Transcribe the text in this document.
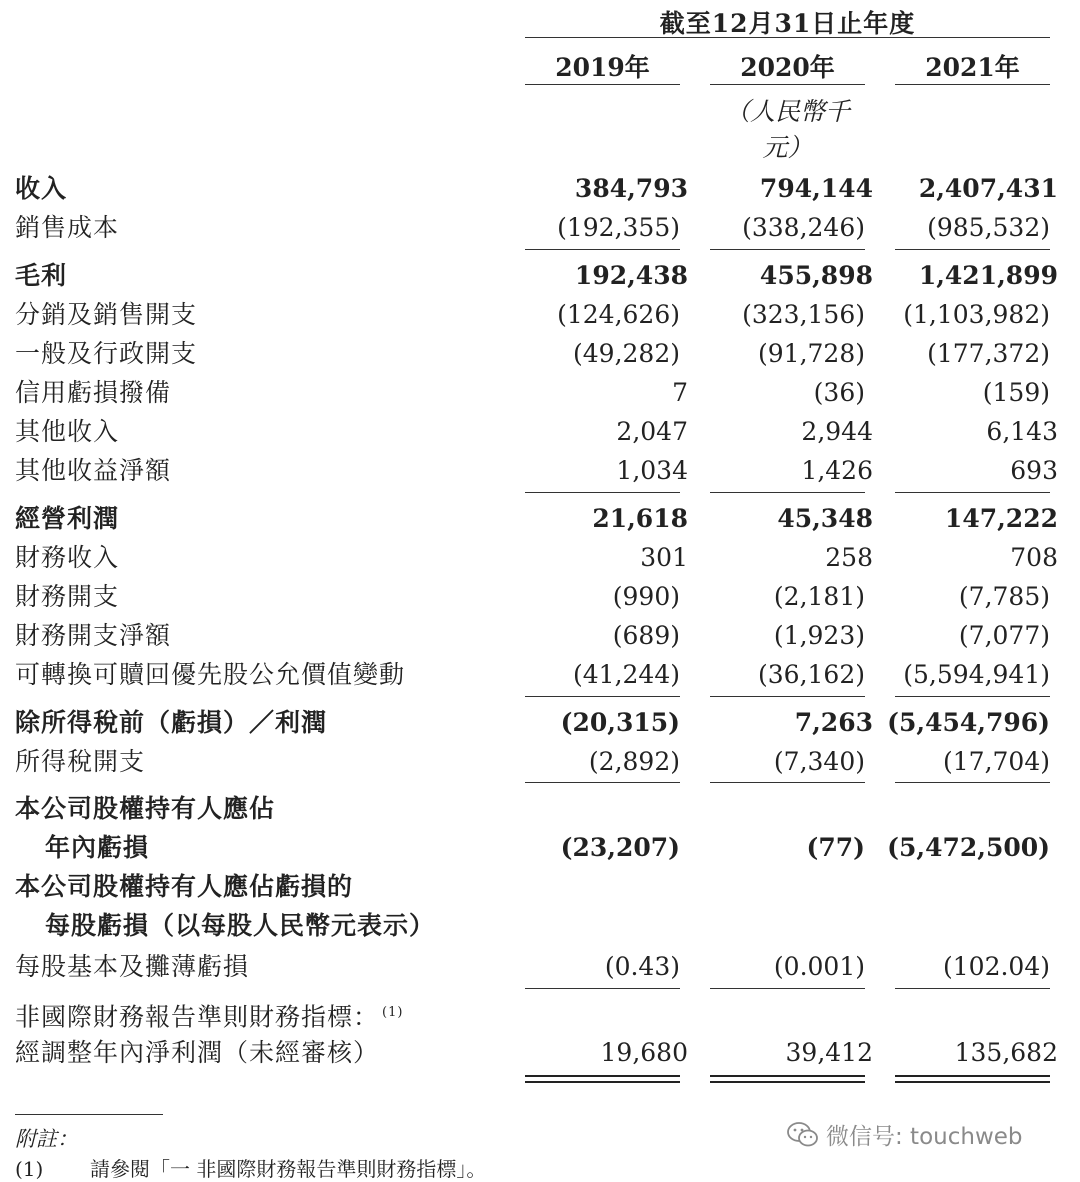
截至12月31日止年度
2019年	2020年	2021年
（人民幣千元）
收入	384,793	794,144	2,407,431
銷售成本	(192,355)	(338,246)	(985,532)
毛利	192,438	455,898	1,421,899
分銷及銷售開支	(124,626)	(323,156)	(1,103,982)
一般及行政開支	(49,282)	(91,728)	(177,372)
信用虧損撥備	7	(36)	(159)
其他收入	2,047	2,944	6,143
其他收益淨額	1,034	1,426	693
經營利潤	21,618	45,348	147,222
財務收入	301	258	708
財務開支	(990)	(2,181)	(7,785)
財務開支淨額	(689)	(1,923)	(7,077)
可轉換可贖回優先股公允價值變動	(41,244)	(36,162)	(5,594,941)
除所得稅前（虧損）／利潤	(20,315)	7,263 (5,454,796)
所得稅開支	(2,892)	(7,340)	(17,704)
本公司股權持有人應佔
年內虧損	(23,207)	(77) (5,472,500)
本公司股權持有人應佔虧損的
每股虧損（以每股人民幣元表示）
每股基本及攤薄虧損	(0.43)	(0.001)	(102.04)
非國際財務報告準則財務指標： $^{(1)}$
經調整年內淨利潤（未經審核）	19,680	39,412	135,682
附註：
(1) 請參閱「一 非國際財務報告準則財務指標」。
微信号: touchweb
